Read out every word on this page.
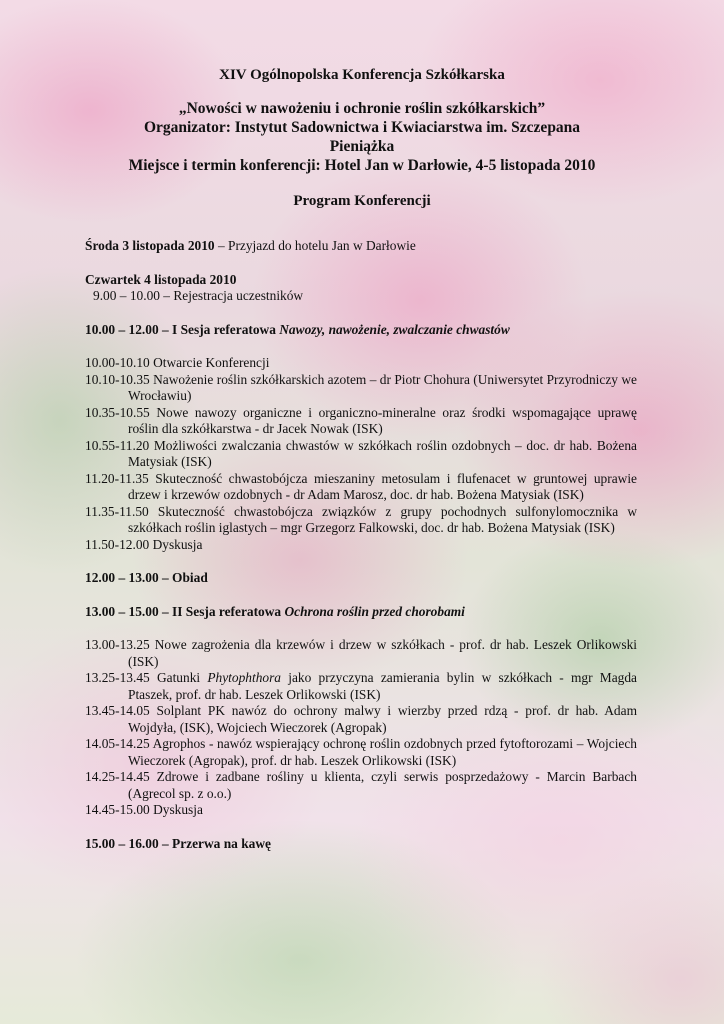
XIV Ogólnopolska Konferencja Szkółkarska
„Nowości w nawożeniu i ochronie roślin szkółkarskich”
Organizator: Instytut Sadownictwa i Kwiaciarstwa im. Szczepana
Pieniążka
Miejsce i termin konferencji: Hotel Jan w Darłowie, 4-5 listopada 2010
Program Konferencji

Środa 3 listopada 2010 – Przyjazd do hotelu Jan w Darłowie

Czwartek 4 listopada 2010

9.00 – 10.00 – Rejestracja uczestników

10.00 – 12.00 – I Sesja referatowa Nawozy, nawożenie, zwalczanie chwastów

10.00-10.10 Otwarcie Konferencji

10.10-10.35 Nawożenie roślin szkółkarskich azotem – dr Piotr Chohura (Uniwersytet Przyrodniczy we Wrocławiu)

10.35-10.55 Nowe nawozy organiczne i organiczno-mineralne oraz środki wspomagające uprawę roślin dla szkółkarstwa - dr Jacek Nowak (ISK)

10.55-11.20 Możliwości zwalczania chwastów w szkółkach roślin ozdobnych – doc. dr hab. Bożena Matysiak (ISK)

11.20-11.35 Skuteczność chwastobójcza mieszaniny metosulam i flufenacet w gruntowej uprawie drzew i krzewów ozdobnych - dr Adam Marosz, doc. dr hab. Bożena Matysiak (ISK)

11.35-11.50 Skuteczność chwastobójcza związków z grupy pochodnych sulfonylomocznika w szkółkach roślin iglastych – mgr Grzegorz Falkowski, doc. dr hab. Bożena Matysiak (ISK)

11.50-12.00 Dyskusja

12.00 – 13.00 – Obiad

13.00 – 15.00 – II Sesja referatowa Ochrona roślin przed chorobami

13.00-13.25 Nowe zagrożenia dla krzewów i drzew w szkółkach - prof. dr hab. Leszek Orlikowski (ISK)

13.25-13.45 Gatunki Phytophthora jako przyczyna zamierania bylin w szkółkach - mgr Magda Ptaszek, prof. dr hab. Leszek Orlikowski (ISK)

13.45-14.05 Solplant PK nawóz do ochrony malwy i wierzby przed rdzą - prof. dr hab. Adam Wojdyła, (ISK), Wojciech Wieczorek (Agropak)

14.05-14.25 Agrophos - nawóz wspierający ochronę roślin ozdobnych przed fytoftorozami – Wojciech Wieczorek (Agropak), prof. dr hab. Leszek Orlikowski (ISK)

14.25-14.45 Zdrowe i zadbane rośliny u klienta, czyli serwis posprzedażowy - Marcin Barbach (Agrecol sp. z o.o.)

14.45-15.00 Dyskusja

15.00 – 16.00 – Przerwa na kawę
